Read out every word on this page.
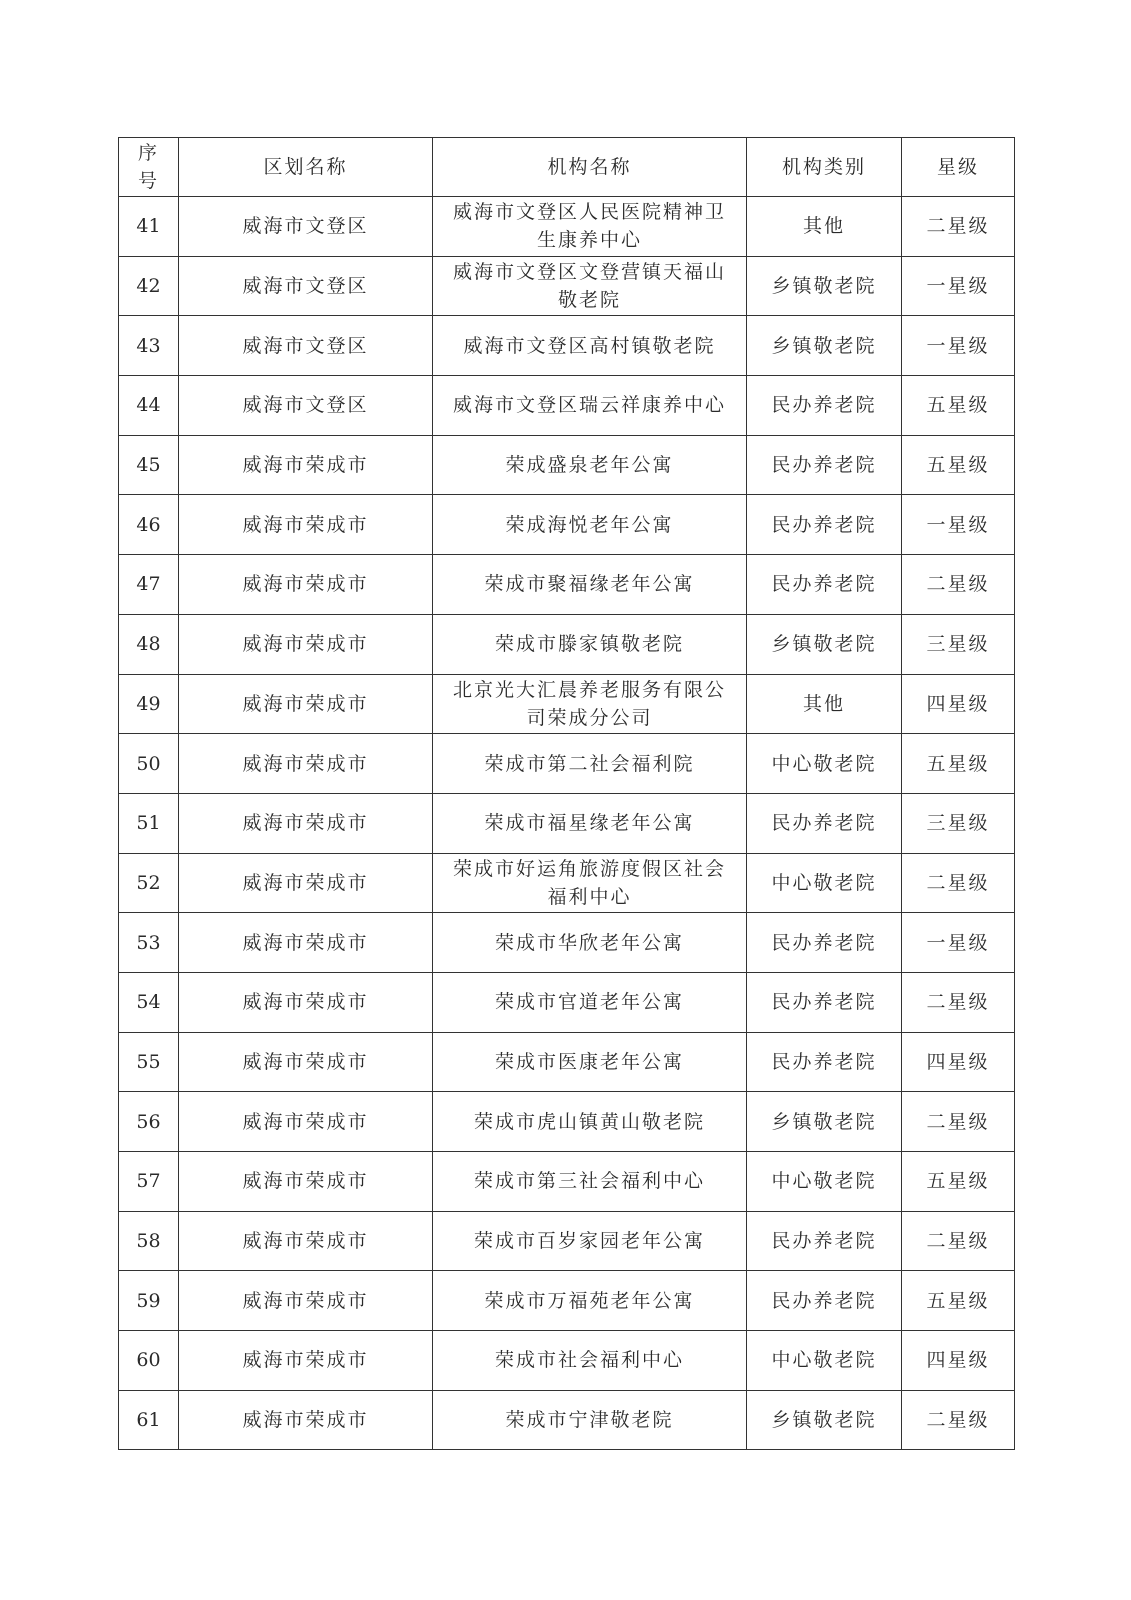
序号	区划名称	机构名称	机构类别	星级
41	威海市文登区	威海市文登区人民医院精神卫生康养中心	其他	二星级
42	威海市文登区	威海市文登区文登营镇天福山敬老院	乡镇敬老院	一星级
43	威海市文登区	威海市文登区高村镇敬老院	乡镇敬老院	一星级
44	威海市文登区	威海市文登区瑞云祥康养中心	民办养老院	五星级
45	威海市荣成市	荣成盛泉老年公寓	民办养老院	五星级
46	威海市荣成市	荣成海悦老年公寓	民办养老院	一星级
47	威海市荣成市	荣成市聚福缘老年公寓	民办养老院	二星级
48	威海市荣成市	荣成市滕家镇敬老院	乡镇敬老院	三星级
49	威海市荣成市	北京光大汇晨养老服务有限公司荣成分公司	其他	四星级
50	威海市荣成市	荣成市第二社会福利院	中心敬老院	五星级
51	威海市荣成市	荣成市福星缘老年公寓	民办养老院	三星级
52	威海市荣成市	荣成市好运角旅游度假区社会福利中心	中心敬老院	二星级
53	威海市荣成市	荣成市华欣老年公寓	民办养老院	一星级
54	威海市荣成市	荣成市官道老年公寓	民办养老院	二星级
55	威海市荣成市	荣成市医康老年公寓	民办养老院	四星级
56	威海市荣成市	荣成市虎山镇黄山敬老院	乡镇敬老院	二星级
57	威海市荣成市	荣成市第三社会福利中心	中心敬老院	五星级
58	威海市荣成市	荣成市百岁家园老年公寓	民办养老院	二星级
59	威海市荣成市	荣成市万福苑老年公寓	民办养老院	五星级
60	威海市荣成市	荣成市社会福利中心	中心敬老院	四星级
61	威海市荣成市	荣成市宁津敬老院	乡镇敬老院	二星级
